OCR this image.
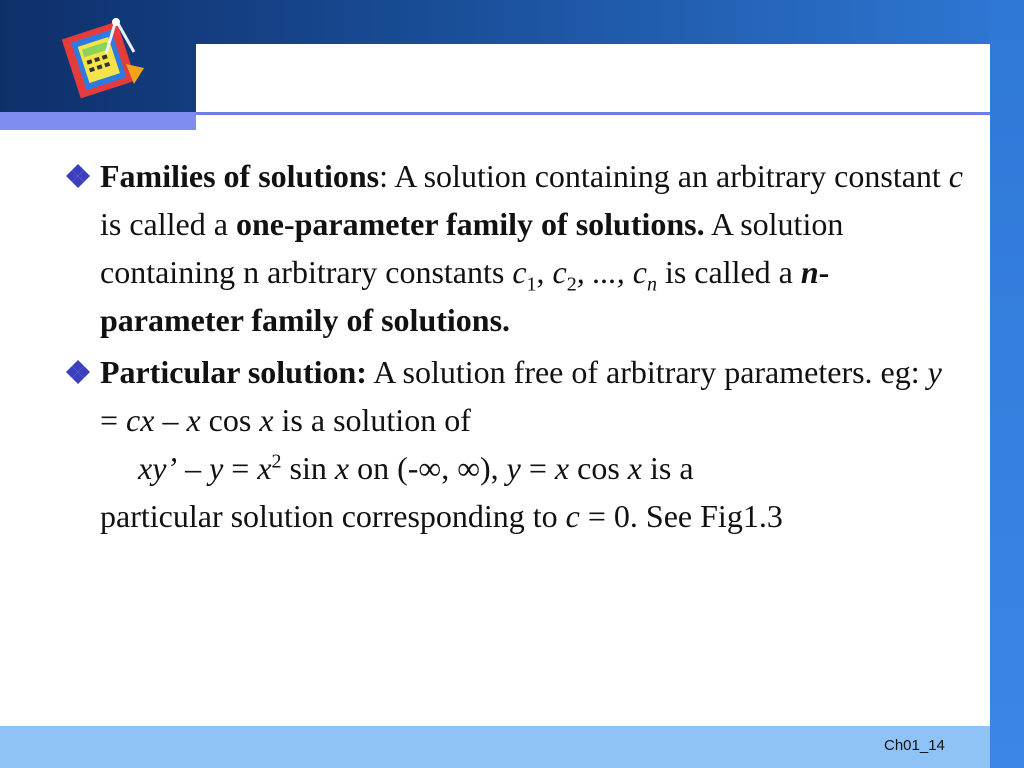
Families of solutions: A solution containing an arbitrary constant c is called a one-parameter family of solutions. A solution containing n arbitrary constants $c_1$, $c_2$, ..., $c_n$ is called a n-parameter family of solutions.
Particular solution: A solution free of arbitrary parameters. eg: y = cx – x cos x is a solution of
xy’ – $y = x^2$ sin x on (-∞, ∞), y = x cos x is a
particular solution corresponding to c = 0. See Fig1.3
Ch01_14
